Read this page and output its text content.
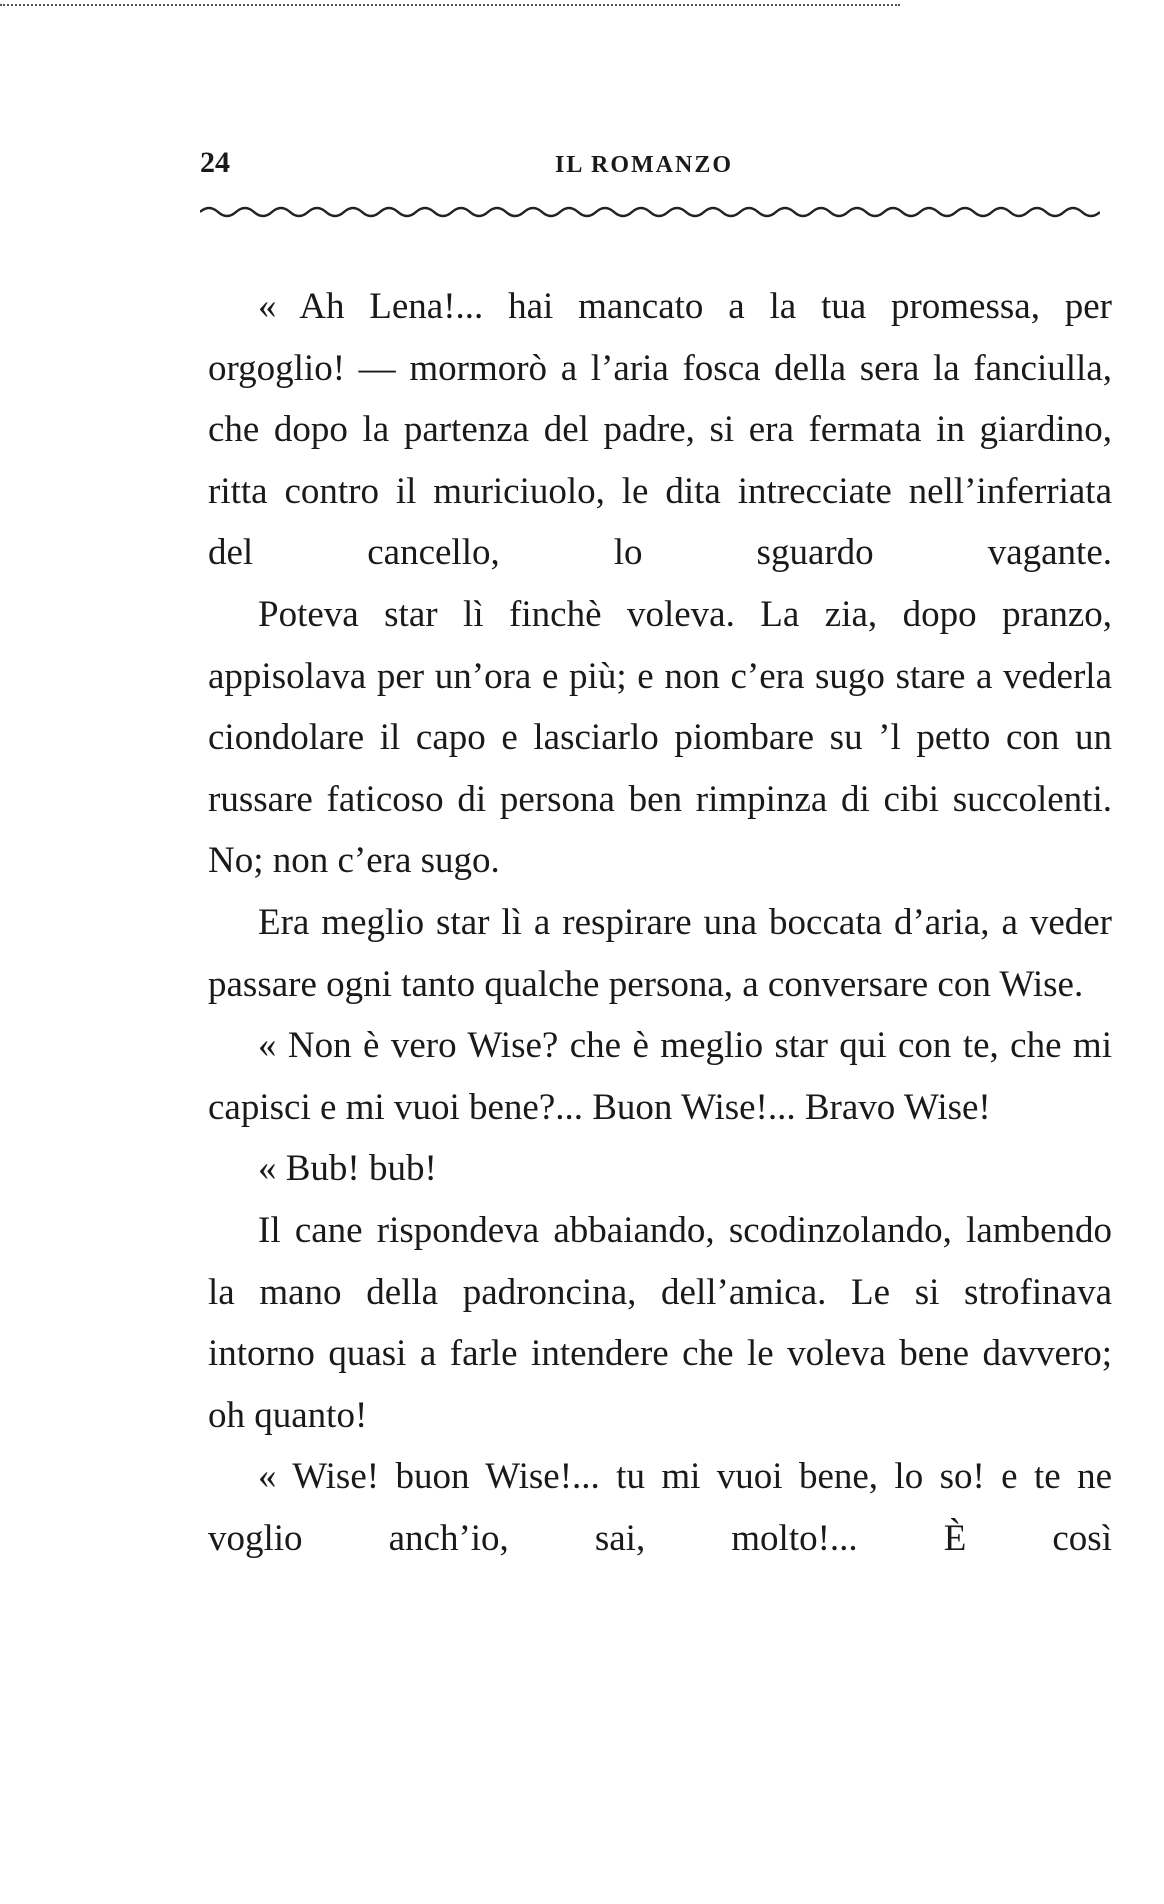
24	IL ROMANZO

« Ah Lena!... hai mancato a la tua promessa, per orgoglio! — mormorò a l’aria fosca della sera la fanciulla, che dopo la partenza del padre, si era fermata in giardino, ritta contro il muriciuolo, le dita intrecciate nell’inferriata del cancello, lo sguardo vagante.

Poteva star lì finchè voleva. La zia, dopo pranzo, appisolava per un’ora e più; e non c’era sugo stare a vederla ciondolare il capo e lasciarlo piombare su ’l petto con un russare faticoso di persona ben rimpinza di cibi succolenti. No; non c’era sugo.

Era meglio star lì a respirare una boccata d’aria, a veder passare ogni tanto qualche persona, a conversare con Wise.

« Non è vero Wise? che è meglio star qui con te, che mi capisci e mi vuoi bene?... Buon Wise!... Bravo Wise!

« Bub! bub!

Il cane rispondeva abbaiando, scodinzolando, lambendo la mano della padroncina, dell’amica. Le si strofinava intorno quasi a farle intendere che le voleva bene davvero; oh quanto!

« Wise! buon Wise!... tu mi vuoi bene, lo so! e te ne voglio anch’io, sai, molto!... È così
